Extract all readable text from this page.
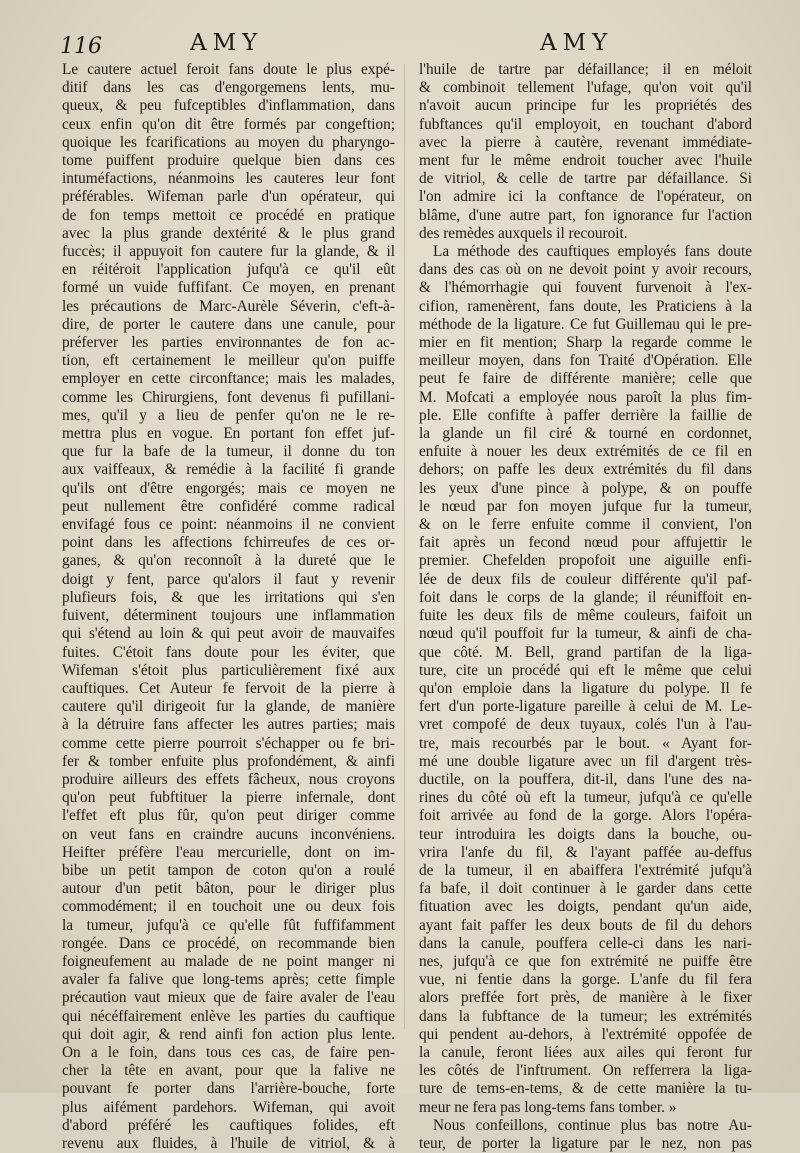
116	AMY	AMY
Le cautere actuel feroit fans doute le plus expé-
ditif dans les cas d'engorgemens lents, mu-
queux, & peu fufceptibles d'inflammation, dans
ceux enfin qu'on dit être formés par congeftion;
quoique les fcarifications au moyen du pharyngo-
tome puiffent produire quelque bien dans ces
intuméfactions, néanmoins les cauteres leur font
préférables. Wifeman parle d'un opérateur, qui
de fon temps mettoit ce procédé en pratique
avec la plus grande dextérité & le plus grand
fuccès; il appuyoit fon cautere fur la glande, & il
en réitéroit l'application jufqu'à ce qu'il eût
formé un vuide fuffifant. Ce moyen, en prenant
les précautions de Marc-Aurèle Séverin, c'eft-à-
dire, de porter le cautere dans une canule, pour
préferver les parties environnantes de fon ac-
tion, eft certainement le meilleur qu'on puiffe
employer en cette circonftance; mais les malades,
comme les Chirurgiens, font devenus fi pufillani-
mes, qu'il y a lieu de penfer qu'on ne le re-
mettra plus en vogue. En portant fon effet juf-
que fur la bafe de la tumeur, il donne du ton
aux vaiffeaux, & remédie à la facilité fi grande
qu'ils ont d'être engorgés; mais ce moyen ne
peut nullement être confidéré comme radical
envifagé fous ce point: néanmoins il ne convient
point dans les affections fchirreufes de ces or-
ganes, & qu'on reconnoît à la dureté que le
doigt y fent, parce qu'alors il faut y revenir
plufieurs fois, & que les irritations qui s'en
fuivent, déterminent toujours une inflammation
qui s'étend au loin & qui peut avoir de mauvaifes
fuites. C'étoit fans doute pour les éviter, que
Wifeman s'étoit plus particulièrement fixé aux
cauftiques. Cet Auteur fe fervoit de la pierre à
cautere qu'il dirigeoit fur la glande, de manière
à la détruire fans affecter les autres parties; mais
comme cette pierre pourroit s'échapper ou fe bri-
fer & tomber enfuite plus profondément, & ainfi
produire ailleurs des effets fâcheux, nous croyons
qu'on peut fubftituer la pierre infernale, dont
l'effet eft plus fûr, qu'on peut diriger comme
on veut fans en craindre aucuns inconvéniens.
Heifter préfère l'eau mercurielle, dont on im-
bibe un petit tampon de coton qu'on a roulé
autour d'un petit bâton, pour le diriger plus
commodément; il en touchoit une ou deux fois
la tumeur, jufqu'à ce qu'elle fût fuffifamment
rongée. Dans ce procédé, on recommande bien
foigneufement au malade de ne point manger ni
avaler fa falive que long-tems après; cette fimple
précaution vaut mieux que de faire avaler de l'eau
qui nécéffairement enlève les parties du cauftique
qui doit agir, & rend ainfi fon action plus lente.
On a le foin, dans tous ces cas, de faire pen-
cher la tête en avant, pour que la falive ne
pouvant fe porter dans l'arrière-bouche, forte
plus aifément pardehors. Wifeman, qui avoit
d'abord préféré les cauftiques folides, eft
revenu aux fluides, à l'huile de vitriol, & à
l'huile de tartre par défaillance; il en méloit
& combinoit tellement l'ufage, qu'on voit qu'il
n'avoit aucun principe fur les propriétés des
fubftances qu'il employoit, en touchant d'abord
avec la pierre à cautère, revenant immédiate-
ment fur le même endroit toucher avec l'huile
de vitriol, & celle de tartre par défaillance. Si
l'on admire ici la conftance de l'opérateur, on
blâme, d'une autre part, fon ignorance fur l'action
des remèdes auxquels il recouroit.
La méthode des cauftiques employés fans doute
dans des cas où on ne devoit point y avoir recours,
& l'hémorrhagie qui fouvent furvenoit à l'ex-
cifion, ramenèrent, fans doute, les Praticiens à la
méthode de la ligature. Ce fut Guillemau qui le pre-
mier en fit mention; Sharp la regarde comme le
meilleur moyen, dans fon Traité d'Opération. Elle
peut fe faire de différente manière; celle que
M. Mofcati a employée nous paroît la plus fim-
ple. Elle confifte à paffer derrière la faillie de
la glande un fil ciré & tourné en cordonnet,
enfuite à nouer les deux extrémités de ce fil en
dehors; on paffe les deux extrémités du fil dans
les yeux d'une pince à polype, & on pouffe
le nœud par fon moyen jufque fur la tumeur,
& on le ferre enfuite comme il convient, l'on
fait après un fecond nœud pour affujettir le
premier. Chefelden propofoit une aiguille enfi-
lée de deux fils de couleur différente qu'il paf-
foit dans le corps de la glande; il réuniffoit en-
fuite les deux fils de même couleurs, faifoit un
nœud qu'il pouffoit fur la tumeur, & ainfi de cha-
que côté. M. Bell, grand partifan de la liga-
ture, cite un procédé qui eft le même que celui
qu'on emploie dans la ligature du polype. Il fe
fert d'un porte-ligature pareille à celui de M. Le-
vret compofé de deux tuyaux, colés l'un à l'au-
tre, mais recourbés par le bout. « Ayant for-
mé une double ligature avec un fil d'argent très-
ductile, on la pouffera, dit-il, dans l'une des na-
rines du côté où eft la tumeur, jufqu'à ce qu'elle
foit arrivée au fond de la gorge. Alors l'opéra-
teur introduira les doigts dans la bouche, ou-
vrira l'anfe du fil, & l'ayant paffée au-deffus
de la tumeur, il en abaiffera l'extrémité jufqu'à
fa bafe, il doit continuer à le garder dans cette
fituation avec les doigts, pendant qu'un aide,
ayant fait paffer les deux bouts de fil du dehors
dans la canule, pouffera celle-ci dans les nari-
nes, jufqu'à ce que fon extrémité ne puiffe être
vue, ni fentie dans la gorge. L'anfe du fil fera
alors preffée fort près, de manière à le fixer
dans la fubftance de la tumeur; les extrémités
qui pendent au-dehors, à l'extrémité oppofée de
la canule, feront liées aux ailes qui feront fur
les côtés de l'inftrument. On refferrera la liga-
ture de tems-en-tems, & de cette manière la tu-
meur ne fera pas long-tems fans tomber. »
Nous confeillons, continue plus bas notre Au-
teur, de porter la ligature par le nez, non pas
